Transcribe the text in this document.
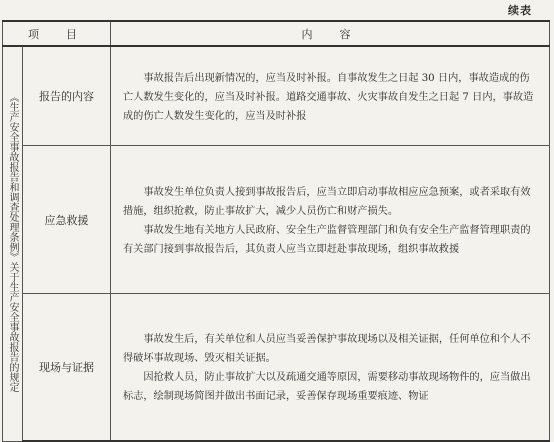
续表
项　目		内　容
《生产安全事故报告和调查处理条例》关于生产安全事故报告的规定	报告的内容	事故报告后出现新情况的，应当及时补报。自事故发生之日起 30 日内，事故造成的伤亡人数发生变化的，应当及时补报。道路交通事故、火灾事故自发生之日起 7 日内，事故造成的伤亡人数发生变化的，应当及时补报

	应急救援	事故发生单位负责人接到事故报告后，应当立即启动事故相应应急预案，或者采取有效措施，组织抢救，防止事故扩大，减少人员伤亡和财产损失。

事故发生地有关地方人民政府、安全生产监督管理部门和负有安全生产监督管理职责的有关部门接到事故报告后，其负责人应当立即赶赴事故现场，组织事故救援

	现场与证据	事故发生后，有关单位和人员应当妥善保护事故现场以及相关证据，任何单位和个人不得破坏事故现场、毁灭相关证据。

因抢救人员，防止事故扩大以及疏通交通等原因，需要移动事故现场物件的，应当做出标志，绘制现场简图并做出书面记录，妥善保存现场重要痕迹、物证
